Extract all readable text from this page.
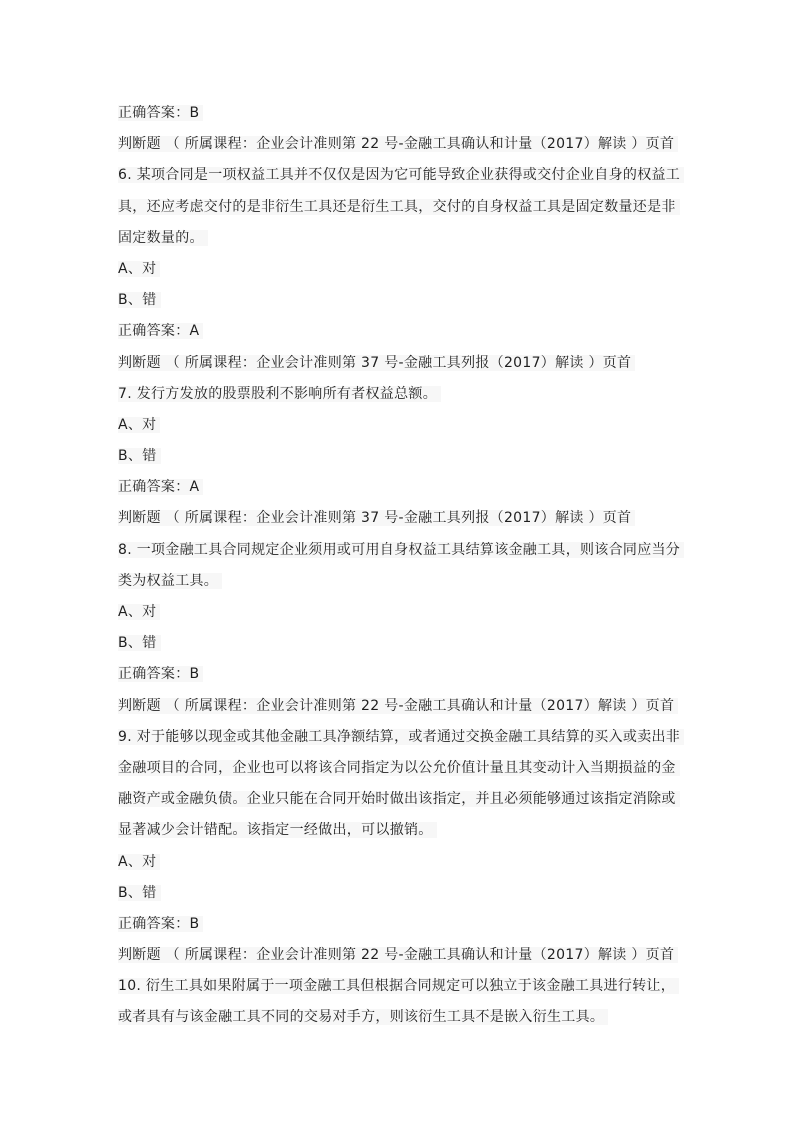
正确答案：B
判断题 （ 所属课程：企业会计准则第 22 号-金融工具确认和计量（2017）解读 ）页首
6. 某项合同是一项权益工具并不仅仅是因为它可能导致企业获得或交付企业自身的权益工
具，还应考虑交付的是非衍生工具还是衍生工具，交付的自身权益工具是固定数量还是非
固定数量的。
A、对
B、错
正确答案：A
判断题 （ 所属课程：企业会计准则第 37 号-金融工具列报（2017）解读 ）页首
7. 发行方发放的股票股利不影响所有者权益总额。
A、对
B、错
正确答案：A
判断题 （ 所属课程：企业会计准则第 37 号-金融工具列报（2017）解读 ）页首
8. 一项金融工具合同规定企业须用或可用自身权益工具结算该金融工具，则该合同应当分
类为权益工具。
A、对
B、错
正确答案：B
判断题 （ 所属课程：企业会计准则第 22 号-金融工具确认和计量（2017）解读 ）页首
9. 对于能够以现金或其他金融工具净额结算，或者通过交换金融工具结算的买入或卖出非
金融项目的合同，企业也可以将该合同指定为以公允价值计量且其变动计入当期损益的金
融资产或金融负债。企业只能在合同开始时做出该指定，并且必须能够通过该指定消除或
显著减少会计错配。该指定一经做出，可以撤销。
A、对
B、错
正确答案：B
判断题 （ 所属课程：企业会计准则第 22 号-金融工具确认和计量（2017）解读 ）页首
10. 衍生工具如果附属于一项金融工具但根据合同规定可以独立于该金融工具进行转让，
或者具有与该金融工具不同的交易对手方，则该衍生工具不是嵌入衍生工具。
